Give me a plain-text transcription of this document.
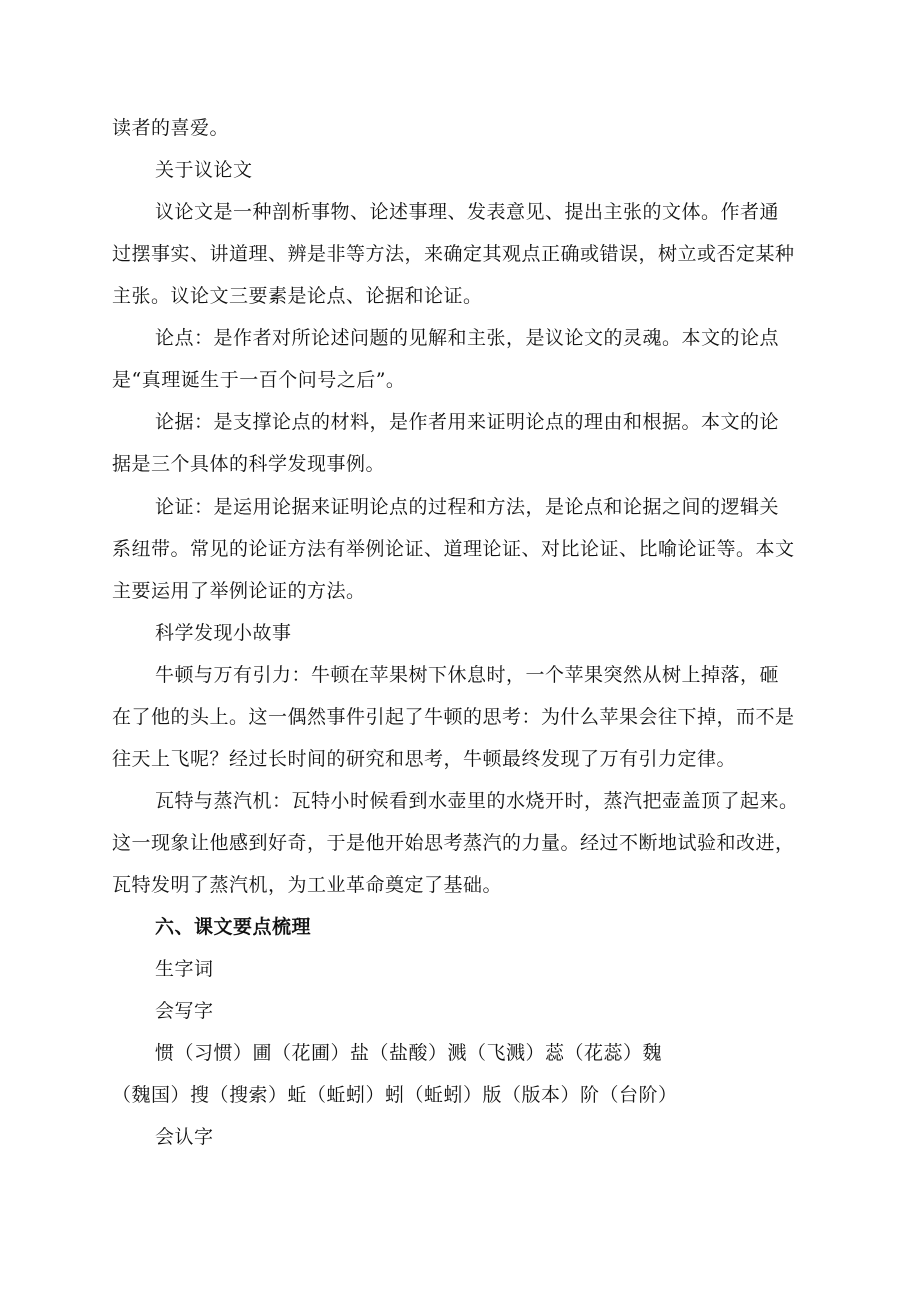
读者的喜爱。
关于议论文
议论文是一种剖析事物、论述事理、发表意见、提出主张的文体。作者通
过摆事实、讲道理、辨是非等方法，来确定其观点正确或错误，树立或否定某种
主张。议论文三要素是论点、论据和论证。
论点：是作者对所论述问题的见解和主张，是议论文的灵魂。本文的论点
是“真理诞生于一百个问号之后”。
论据：是支撑论点的材料，是作者用来证明论点的理由和根据。本文的论
据是三个具体的科学发现事例。
论证：是运用论据来证明论点的过程和方法，是论点和论据之间的逻辑关
系纽带。常见的论证方法有举例论证、道理论证、对比论证、比喻论证等。本文
主要运用了举例论证的方法。
科学发现小故事
牛顿与万有引力：牛顿在苹果树下休息时，一个苹果突然从树上掉落，砸
在了他的头上。这一偶然事件引起了牛顿的思考：为什么苹果会往下掉，而不是
往天上飞呢？经过长时间的研究和思考，牛顿最终发现了万有引力定律。
瓦特与蒸汽机：瓦特小时候看到水壶里的水烧开时，蒸汽把壶盖顶了起来。
这一现象让他感到好奇，于是他开始思考蒸汽的力量。经过不断地试验和改进，
瓦特发明了蒸汽机，为工业革命奠定了基础。
六、课文要点梳理
生字词
会写字
惯（习惯）圃（花圃）盐（盐酸）溅（飞溅）蕊（花蕊）魏
（魏国）搜（搜索）蚯（蚯蚓）蚓（蚯蚓）版（版本）阶（台阶）
会认字
